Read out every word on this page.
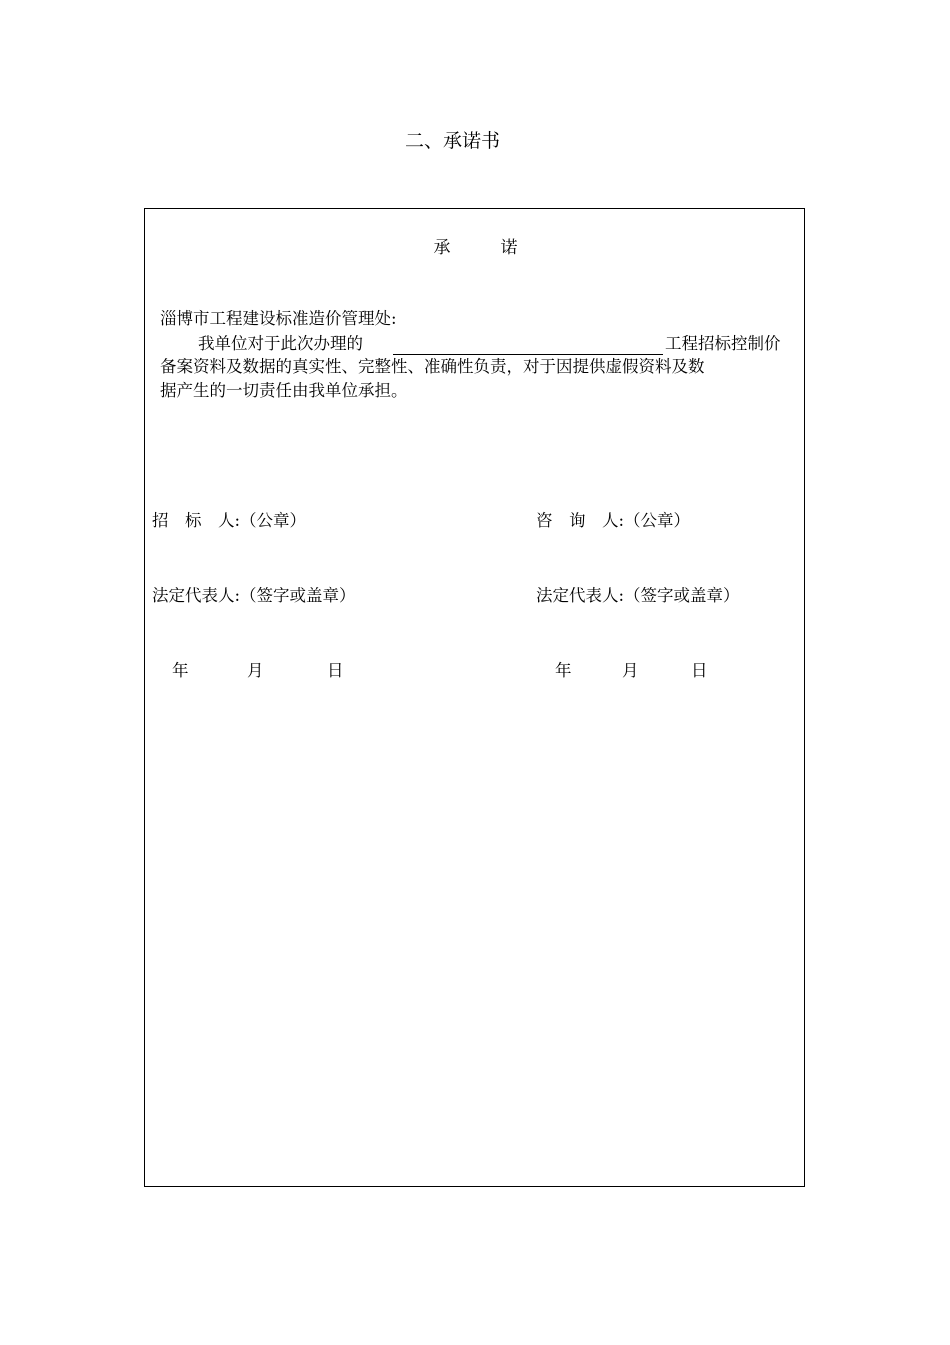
二、承诺书
承	诺
淄博市工程建设标准造价管理处:
我单位对于此次办理的	工程招标控制价
备案资料及数据的真实性、完整性、准确性负责，对于因提供虚假资料及数
据产生的一切责任由我单位承担。
招　标　人:（公章）	咨　询　人:（公章）
法定代表人:（签字或盖章）	法定代表人:（签字或盖章）
年	月	日	年	月	日
